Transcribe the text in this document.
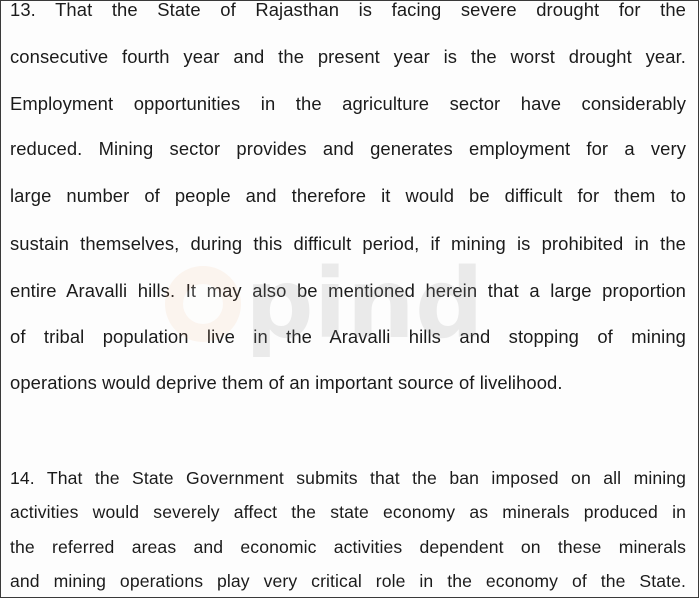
13. That the State of Rajasthan is facing severe drought for the
consecutive fourth year and the present year is the worst drought year.
Employment opportunities in the agriculture sector have considerably
reduced. Mining sector provides and generates employment for a very
large number of people and therefore it would be difficult for them to
sustain themselves, during this difficult period, if mining is prohibited in the
entire Aravalli hills. It may also be mentioned herein that a large proportion
of tribal population live in the Aravalli hills and stopping of mining
operations would deprive them of an important source of livelihood.
14. That the State Government submits that the ban imposed on all mining
activities would severely affect the state economy as minerals produced in
the referred areas and economic activities dependent on these minerals
and mining operations play very critical role in the economy of the State.
pind
